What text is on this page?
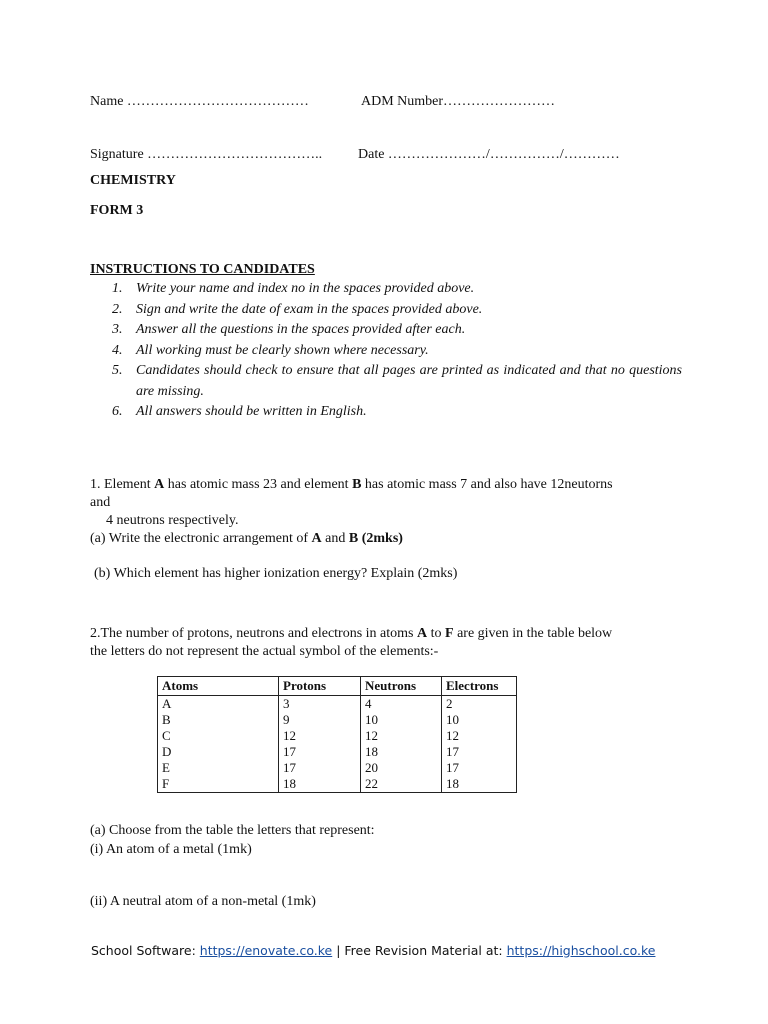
Name …………………………………	ADM Number……………………
Signature ………………………………..	Date …………………/……………/…………
CHEMISTRY
FORM 3
INSTRUCTIONS TO CANDIDATES
1. Write your name and index no in the spaces provided above.
2. Sign and write the date of exam in the spaces provided above.
3. Answer all the questions in the spaces provided after each.
4. All working must be clearly shown where necessary.
5. Candidates should check to ensure that all pages are printed as indicated and that no questions are missing.
6. All answers should be written in English.
1. Element A has atomic mass 23 and element B has atomic mass 7 and also have 12neutorns
and
4 neutrons respectively.
(a) Write the electronic arrangement of A and B (2mks)
(b) Which element has higher ionization energy? Explain (2mks)
2.The number of protons, neutrons and electrons in atoms A to F are given in the table below
the letters do not represent the actual symbol of the elements:-
Atoms	Protons	Neutrons	Electrons
A	3	4	2
B	9	10	10
C	12	12	12
D	17	18	17
E	17	20	17
F	18	22	18
(a) Choose from the table the letters that represent:
(i) An atom of a metal (1mk)
(ii) A neutral atom of a non-metal (1mk)
School Software: https://enovate.co.ke | Free Revision Material at: https://highschool.co.ke
